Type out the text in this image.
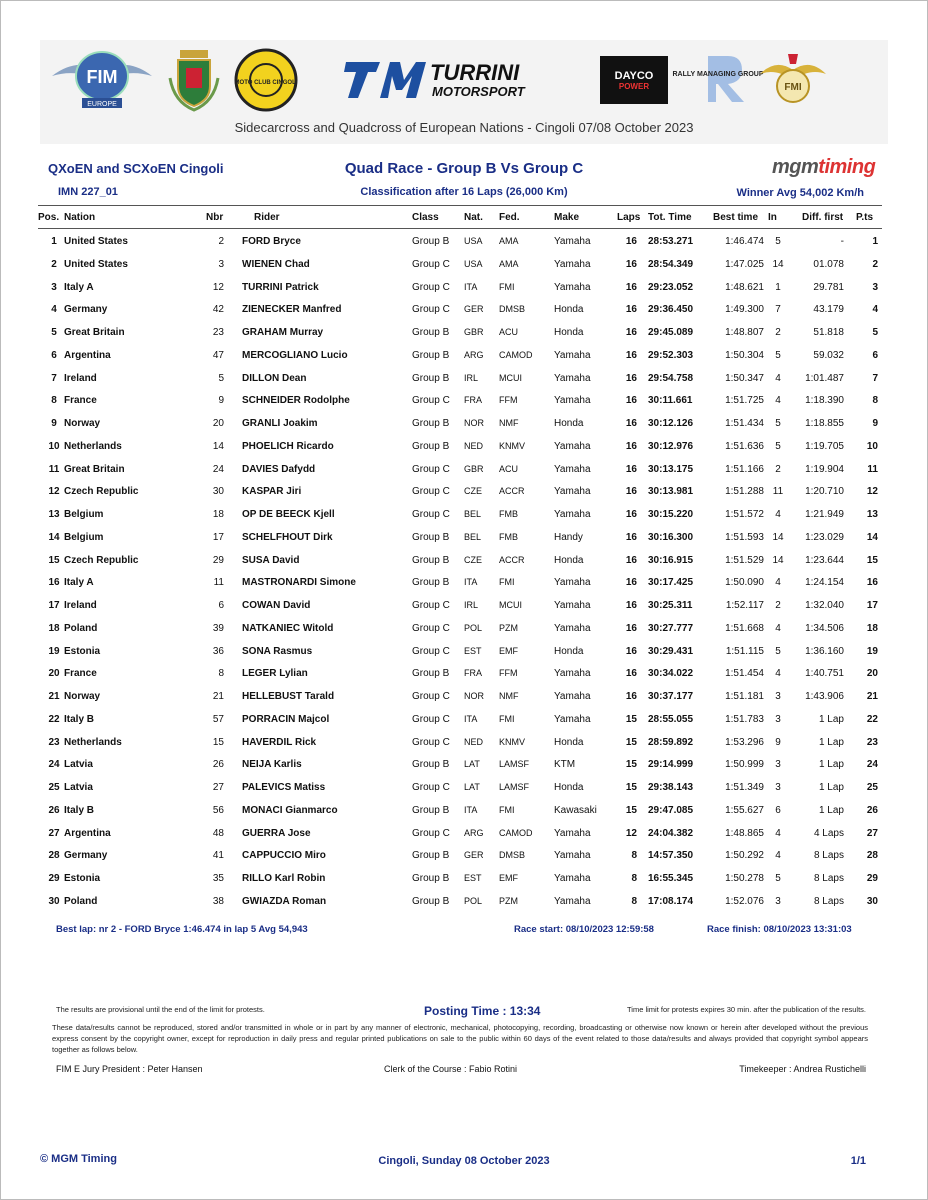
FIM
EUROPE
MOTO CLUB CINGOLI	TURRINI
MOTORSPORT
DAYCO
POWER
RALLY MANAGING GROUP
FMI
Sidecarcross and Quadcross of European Nations - Cingoli 07/08 October 2023
QXoEN and SCXoEN Cingoli
IMN 227_01
Quad Race - Group B Vs Group C
Classification after 16 Laps (26,000 Km)
mgmtiming
Winner Avg 54,002 Km/h
Pos. Nation	Nbr	Rider	Class	Nat. Fed.	Make	Laps Tot. Time Best time In	Diff. first P.ts
1 United States	2 FORD Bryce	Group B USA AMA	Yamaha	16 28:53.271	1:46.474	5	-	1
2 United States	3 WIENEN Chad	Group C USA AMA	Yamaha	16 28:54.349	1:47.025 14	01.078	2
3 Italy A	12 TURRINI Patrick	Group C ITA FMI	Yamaha	16 29:23.052	1:48.621	1	29.781	3
4 Germany	42 ZIENECKER Manfred	Group C GER DMSB	Honda	16 29:36.450	1:49.300	7	43.179	4
5 Great Britain	23 GRAHAM Murray	Group B GBR ACU	Honda	16 29:45.089	1:48.807	2	51.818	5
6 Argentina	47 MERCOGLIANO Lucio	Group B ARG CAMOD Yamaha	16 29:52.303	1:50.304	5	59.032	6
7 Ireland	5 DILLON Dean	Group B IRL MCUI	Yamaha	16 29:54.758	1:50.347	4	1:01.487	7
8 France	9 SCHNEIDER Rodolphe	Group C FRA FFM	Yamaha	16 30:11.661	1:51.725	4	1:18.390	8
9 Norway	20 GRANLI Joakim	Group B NOR NMF	Honda	16 30:12.126	1:51.434	5	1:18.855	9
10 Netherlands	14 PHOELICH Ricardo	Group B NED KNMV	Yamaha	16 30:12.976	1:51.636	5	1:19.705 10
11 Great Britain	24 DAVIES Dafydd	Group C GBR ACU	Yamaha	16 30:13.175	1:51.166	2	1:19.904 11
12 Czech Republic	30 KASPAR Jiri	Group C CZE ACCR	Yamaha	16 30:13.981	1:51.288 11	1:20.710 12
13 Belgium	18 OP DE BEECK Kjell	Group C BEL FMB	Yamaha	16 30:15.220	1:51.572	4	1:21.949 13
14 Belgium	17 SCHELFHOUT Dirk	Group B BEL FMB	Handy	16 30:16.300	1:51.593 14	1:23.029 14
15 Czech Republic	29 SUSA David	Group B CZE ACCR	Honda	16 30:16.915	1:51.529 14	1:23.644 15
16 Italy A	11 MASTRONARDI Simone	Group B ITA FMI	Yamaha	16 30:17.425	1:50.090	4	1:24.154 16
17 Ireland	6 COWAN David	Group C IRL MCUI	Yamaha	16 30:25.311	1:52.117	2	1:32.040 17
18 Poland	39 NATKANIEC Witold	Group C POL PZM	Yamaha	16 30:27.777	1:51.668	4	1:34.506 18
19 Estonia	36 SONA Rasmus	Group C EST EMF	Honda	16 30:29.431	1:51.115	5	1:36.160 19
20 France	8 LEGER Lylian	Group B FRA FFM	Yamaha	16 30:34.022	1:51.454	4	1:40.751 20
21 Norway	21 HELLEBUST Tarald	Group C NOR NMF	Yamaha	16 30:37.177	1:51.181	3	1:43.906 21
22 Italy B	57 PORRACIN Majcol	Group C ITA FMI	Yamaha	15 28:55.055	1:51.783	3	1 Lap 22
23 Netherlands	15 HAVERDIL Rick	Group C NED KNMV	Honda	15 28:59.892	1:53.296	9	1 Lap 23
24 Latvia	26 NEIJA Karlis	Group B LAT LAMSF KTM	15 29:14.999	1:50.999	3	1 Lap 24
25 Latvia	27 PALEVICS Matiss	Group C LAT LAMSF Honda	15 29:38.143	1:51.349	3	1 Lap 25
26 Italy B	56 MONACI Gianmarco	Group B ITA FMI	Kawasaki	15 29:47.085	1:55.627	6	1 Lap 26
27 Argentina	48 GUERRA Jose	Group C ARG CAMOD Yamaha	12 24:04.382	1:48.865	4	4 Laps 27
28 Germany	41 CAPPUCCIO Miro	Group B GER DMSB	Yamaha	8 14:57.350	1:50.292	4	8 Laps 28
29 Estonia	35 RILLO Karl Robin	Group B EST EMF	Yamaha	8 16:55.345	1:50.278	5	8 Laps 29
30 Poland	38 GWIAZDA Roman	Group B POL PZM	Yamaha	8 17:08.174	1:52.076	3	8 Laps 30
Best lap: nr 2 - FORD Bryce 1:46.474 in lap 5 Avg 54,943	Race start: 08/10/2023 12:59:58	Race finish: 08/10/2023 13:31:03
The results are provisional until the end of the limit for protests.	Posting Time : 13:34	Time limit for protests expires 30 min. after the publication of the results.
These data/results cannot be reproduced, stored and/or transmitted in whole or in part by any manner of electronic, mechanical, photocopying, recording, broadcasting or otherwise now known or herein after developed without the previous express consent by the copyright owner, except for reproduction in daily press and regular printed publications on sale to the public within 60 days of the event related to those data/results and always provided that copyright symbol appears together as follows below.
FIM E Jury President : Peter Hansen	Clerk of the Course : Fabio Rotini	Timekeeper : Andrea Rustichelli
© MGM Timing	Cingoli, Sunday 08 October 2023	1/1
